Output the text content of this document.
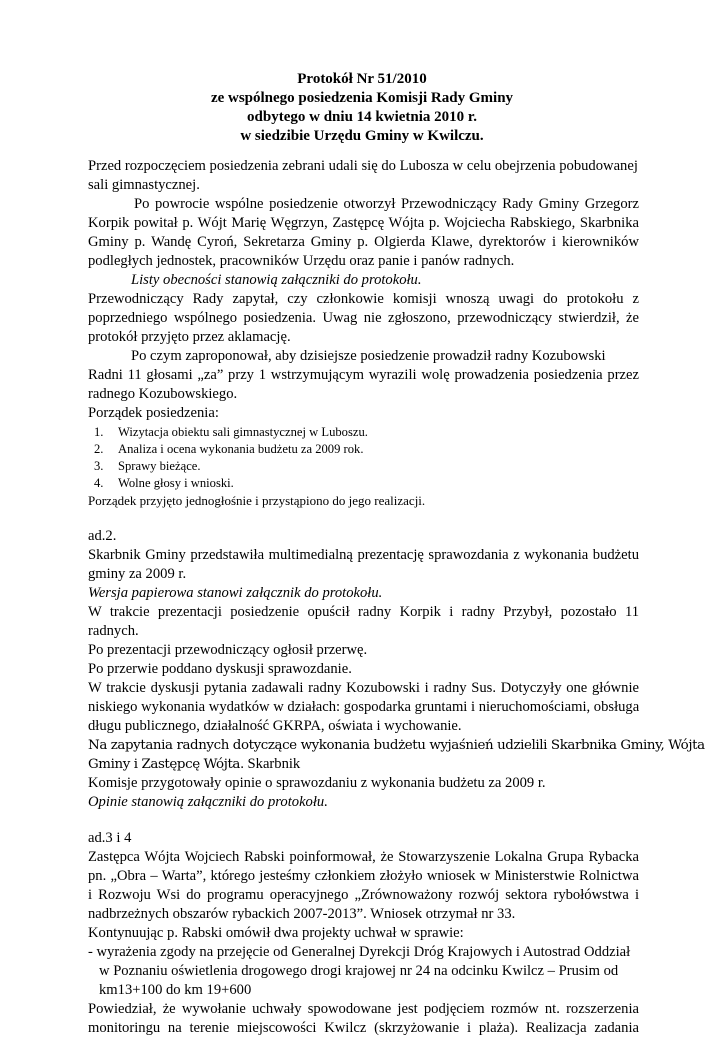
Protokół Nr 51/2010
ze wspólnego posiedzenia Komisji Rady Gminy
odbytego w dniu 14 kwietnia 2010 r.
w siedzibie Urzędu Gminy w Kwilczu.
Przed rozpoczęciem posiedzenia zebrani udali się do Lubosza w celu obejrzenia pobudowanej
sali gimnastycznej.
Po powrocie wspólne posiedzenie otworzył Przewodniczący Rady Gminy Grzegorz
Korpik powitał p. Wójt Marię Węgrzyn, Zastępcę Wójta p. Wojciecha Rabskiego, Skarbnika
Gminy p. Wandę Cyroń, Sekretarza Gminy p. Olgierda Klawe, dyrektorów i kierowników
podległych jednostek, pracowników Urzędu oraz panie i panów radnych.
Listy obecności stanowią załączniki do protokołu.
Przewodniczący Rady zapytał, czy członkowie komisji wnoszą uwagi do protokołu z
poprzedniego wspólnego posiedzenia. Uwag nie zgłoszono, przewodniczący stwierdził, że
protokół przyjęto przez aklamację.
Po czym zaproponował, aby dzisiejsze posiedzenie prowadził radny Kozubowski
Radni 11 głosami „za” przy 1 wstrzymującym wyrazili wolę prowadzenia posiedzenia przez
radnego Kozubowskiego.
Porządek posiedzenia:
1. Wizytacja obiektu sali gimnastycznej w Luboszu.
2. Analiza i ocena wykonania budżetu za 2009 rok.
3. Sprawy bieżące.
4. Wolne głosy i wnioski.
Porządek przyjęto jednogłośnie i przystąpiono do jego realizacji.
ad.2.
Skarbnik Gminy przedstawiła multimedialną prezentację sprawozdania z wykonania budżetu
gminy za 2009 r.
Wersja papierowa stanowi załącznik do protokołu.
W trakcie prezentacji posiedzenie opuścił radny Korpik i radny Przybył, pozostało 11
radnych.
Po prezentacji przewodniczący ogłosił przerwę.
Po przerwie poddano dyskusji sprawozdanie.
W trakcie dyskusji pytania zadawali radny Kozubowski i radny Sus. Dotyczyły one głównie
niskiego wykonania wydatków w działach: gospodarka gruntami i nieruchomościami, obsługa
długu publicznego, działalność GKRPA, oświata i wychowanie.
Na zapytania radnych dotyczące wykonania budżetu wyjaśnień udzielili Skarbnika Gminy, Wójta
Gminy i Zastępcę Wójta. Skarbnik
Komisje przygotowały opinie o sprawozdaniu z wykonania budżetu za 2009 r.
Opinie stanowią załączniki do protokołu.
ad.3 i 4
Zastępca Wójta Wojciech Rabski poinformował, że Stowarzyszenie Lokalna Grupa Rybacka
pn. „Obra – Warta”, którego jesteśmy członkiem złożyło wniosek w Ministerstwie Rolnictwa
i Rozwoju Wsi do programu operacyjnego „Zrównoważony rozwój sektora rybołówstwa i
nadbrzeżnych obszarów rybackich 2007-2013”. Wniosek otrzymał nr 33.
Kontynuując p. Rabski omówił dwa projekty uchwał w sprawie:
- wyrażenia zgody na przejęcie od Generalnej Dyrekcji Dróg Krajowych i Autostrad Oddział
w Poznaniu oświetlenia drogowego drogi krajowej nr 24 na odcinku Kwilcz – Prusim od
km13+100 do km 19+600
Powiedział, że wywołanie uchwały spowodowane jest podjęciem rozmów nt. rozszerzenia
monitoringu na terenie miejscowości Kwilcz (skrzyżowanie i plaża). Realizacja zadania
